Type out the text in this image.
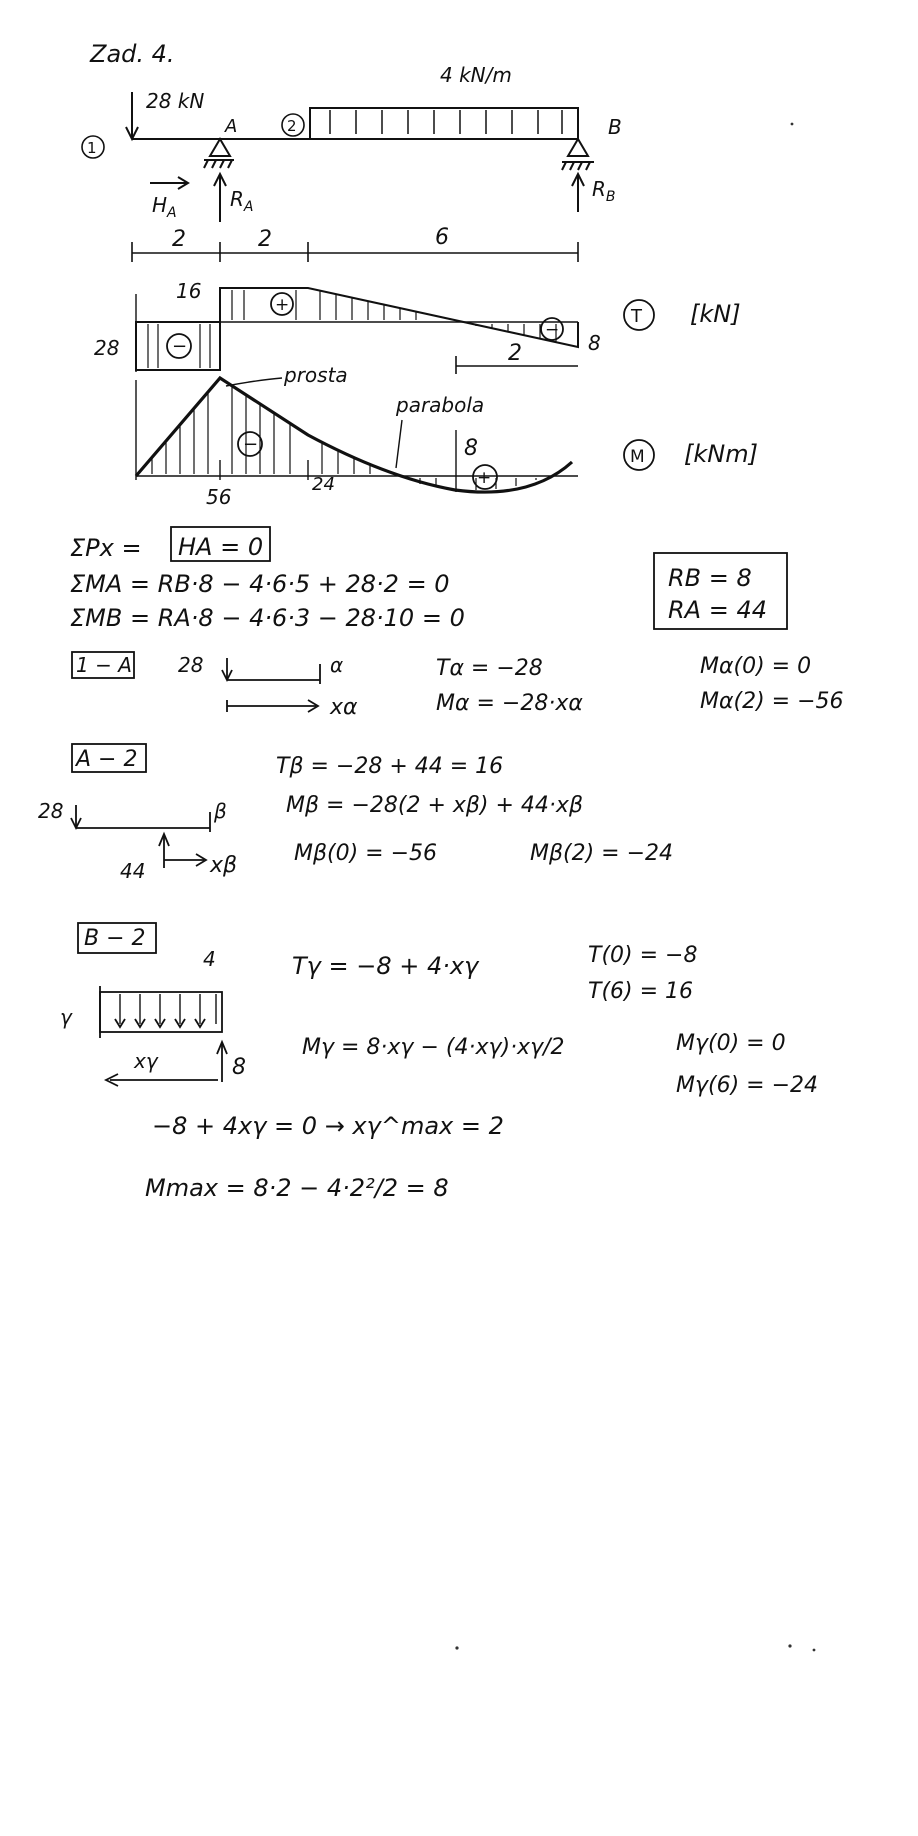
Zad. 4.
28 kN
4 kN/m
1
2
A	B
$H_A$
$R_A$
$R_B$
2	2	6
−
+
−
28
16
8
2
T [kN]
−
+
56
24
8
prosta
parabola
M [kNm]
ΣPx = HA = 0
ΣMA = RB·8 − 4·6·5 + 28·2 = 0
ΣMB = RA·8 − 4·6·3 − 28·10 = 0
RB = 8
RA = 44
1 − A 28	α
xα
Tα = −28
Mα = −28·xα
Mα(0) = 0
Mα(2) = −56
A − 2
28	β
44	xβ
Tβ = −28 + 44 = 16
Mβ = −28(2 + xβ) + 44·xβ
Mβ(0) = −56	Mβ(2) = −24
B − 2
4
γ
8
xγ
Tγ = −8 + 4·xγ	T(0) = −8
T(6) = 16
Mγ = 8·xγ − (4·xγ)·xγ/2	Mγ(0) = 0
Mγ(6) = −24
−8 + 4xγ = 0 → xγ^max = 2
Mmax = 8·2 − 4·2²/2 = 8
